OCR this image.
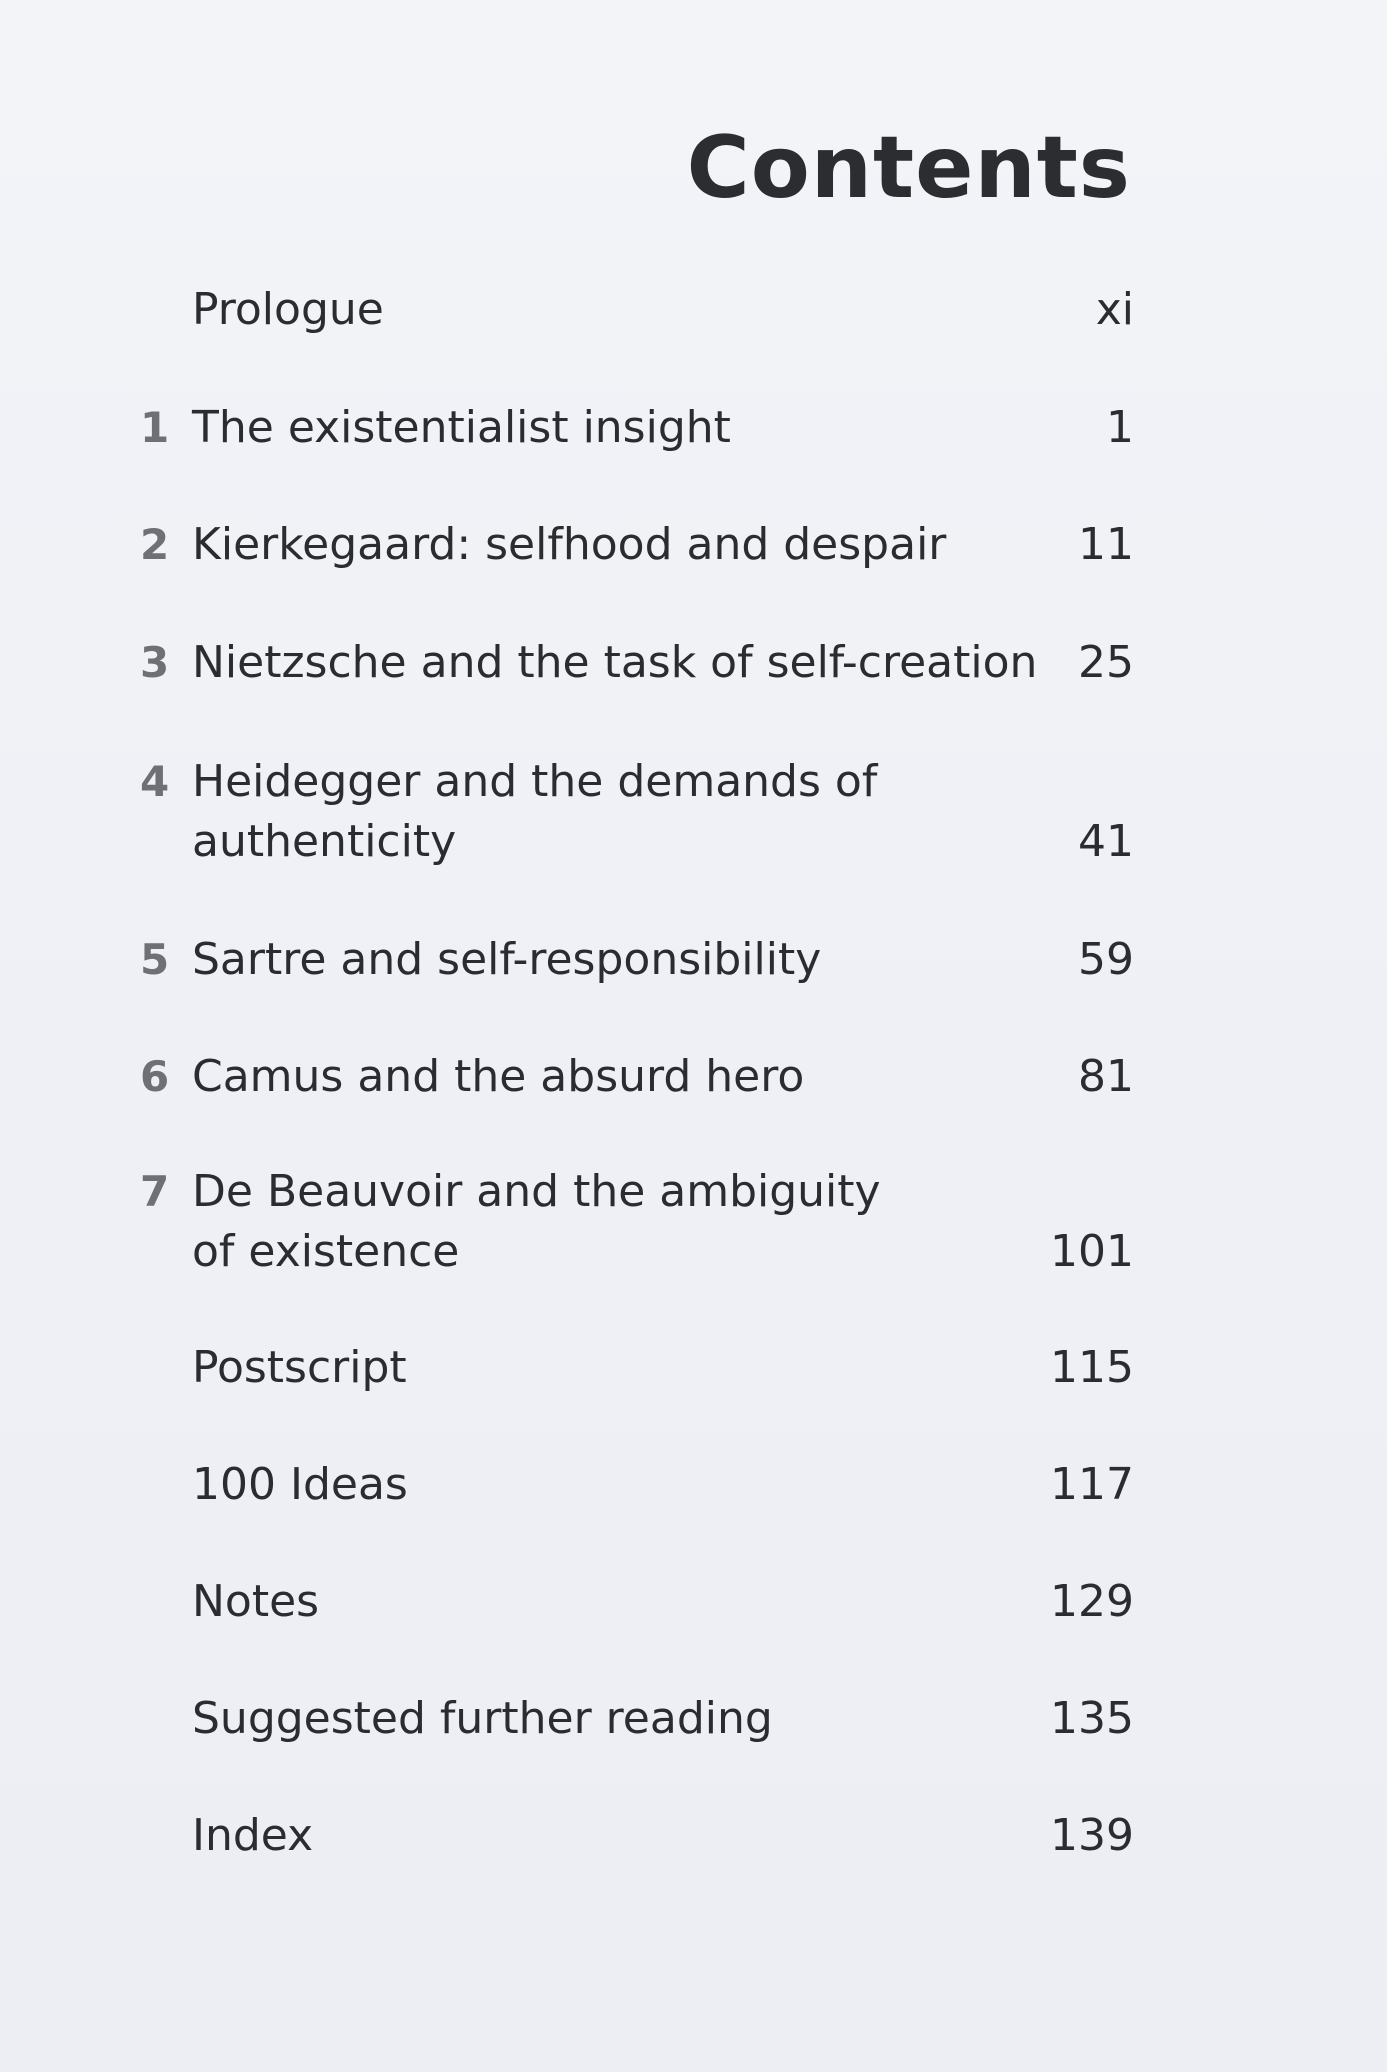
Contents
Prologue	xi
1 The existentialist insight	1
2 Kierkegaard: selfhood and despair	11
3 Nietzsche and the task of self-creation 25
4 Heidegger and the demands of
authenticity	41
5 Sartre and self-responsibility	59
6 Camus and the absurd hero	81
7 De Beauvoir and the ambiguity
of existence	101
Postscript	115
100 Ideas	117
Notes	129
Suggested further reading	135
Index	139
